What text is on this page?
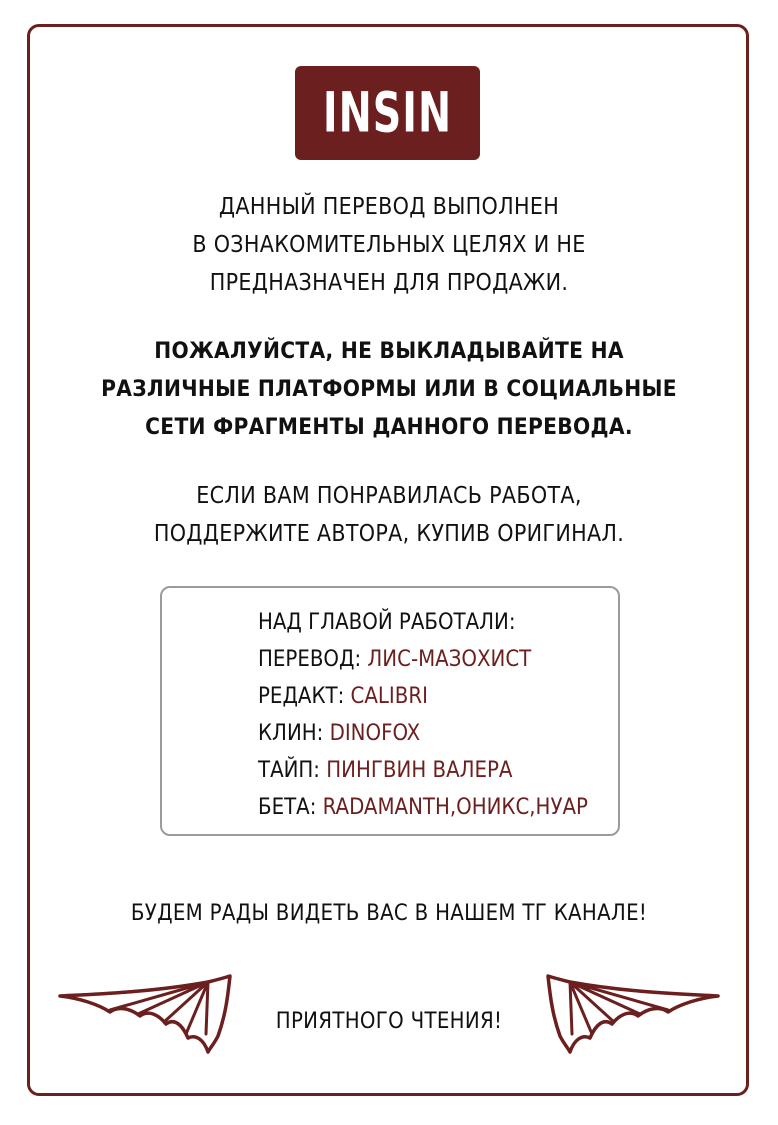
INSIN
ДАННЫЙ ПЕРЕВОД ВЫПОЛНЕН
В ОЗНАКОМИТЕЛЬНЫХ ЦЕЛЯХ И НЕ
ПРЕДНАЗНАЧЕН ДЛЯ ПРОДАЖИ.
ПОЖАЛУЙСТА, НЕ ВЫКЛАДЫВАЙТЕ НА
РАЗЛИЧНЫЕ ПЛАТФОРМЫ ИЛИ В СОЦИАЛЬНЫЕ
СЕТИ ФРАГМЕНТЫ ДАННОГО ПЕРЕВОДА.
ЕСЛИ ВАМ ПОНРАВИЛАСЬ РАБОТА,
ПОДДЕРЖИТЕ АВТОРА, КУПИВ ОРИГИНАЛ.
НАД ГЛАВОЙ РАБОТАЛИ:
ПЕРЕВОД: ЛИС-МАЗОХИСТ
РЕДАКТ: CALIBRI
КЛИН: DINOFOX
ТАЙП: ПИНГВИН ВАЛЕРА
БЕТА: RADAMANTH,ОНИКС,НУАР
БУДЕМ РАДЫ ВИДЕТЬ ВАС В НАШЕМ ТГ КАНАЛЕ!
ПРИЯТНОГО ЧТЕНИЯ!
